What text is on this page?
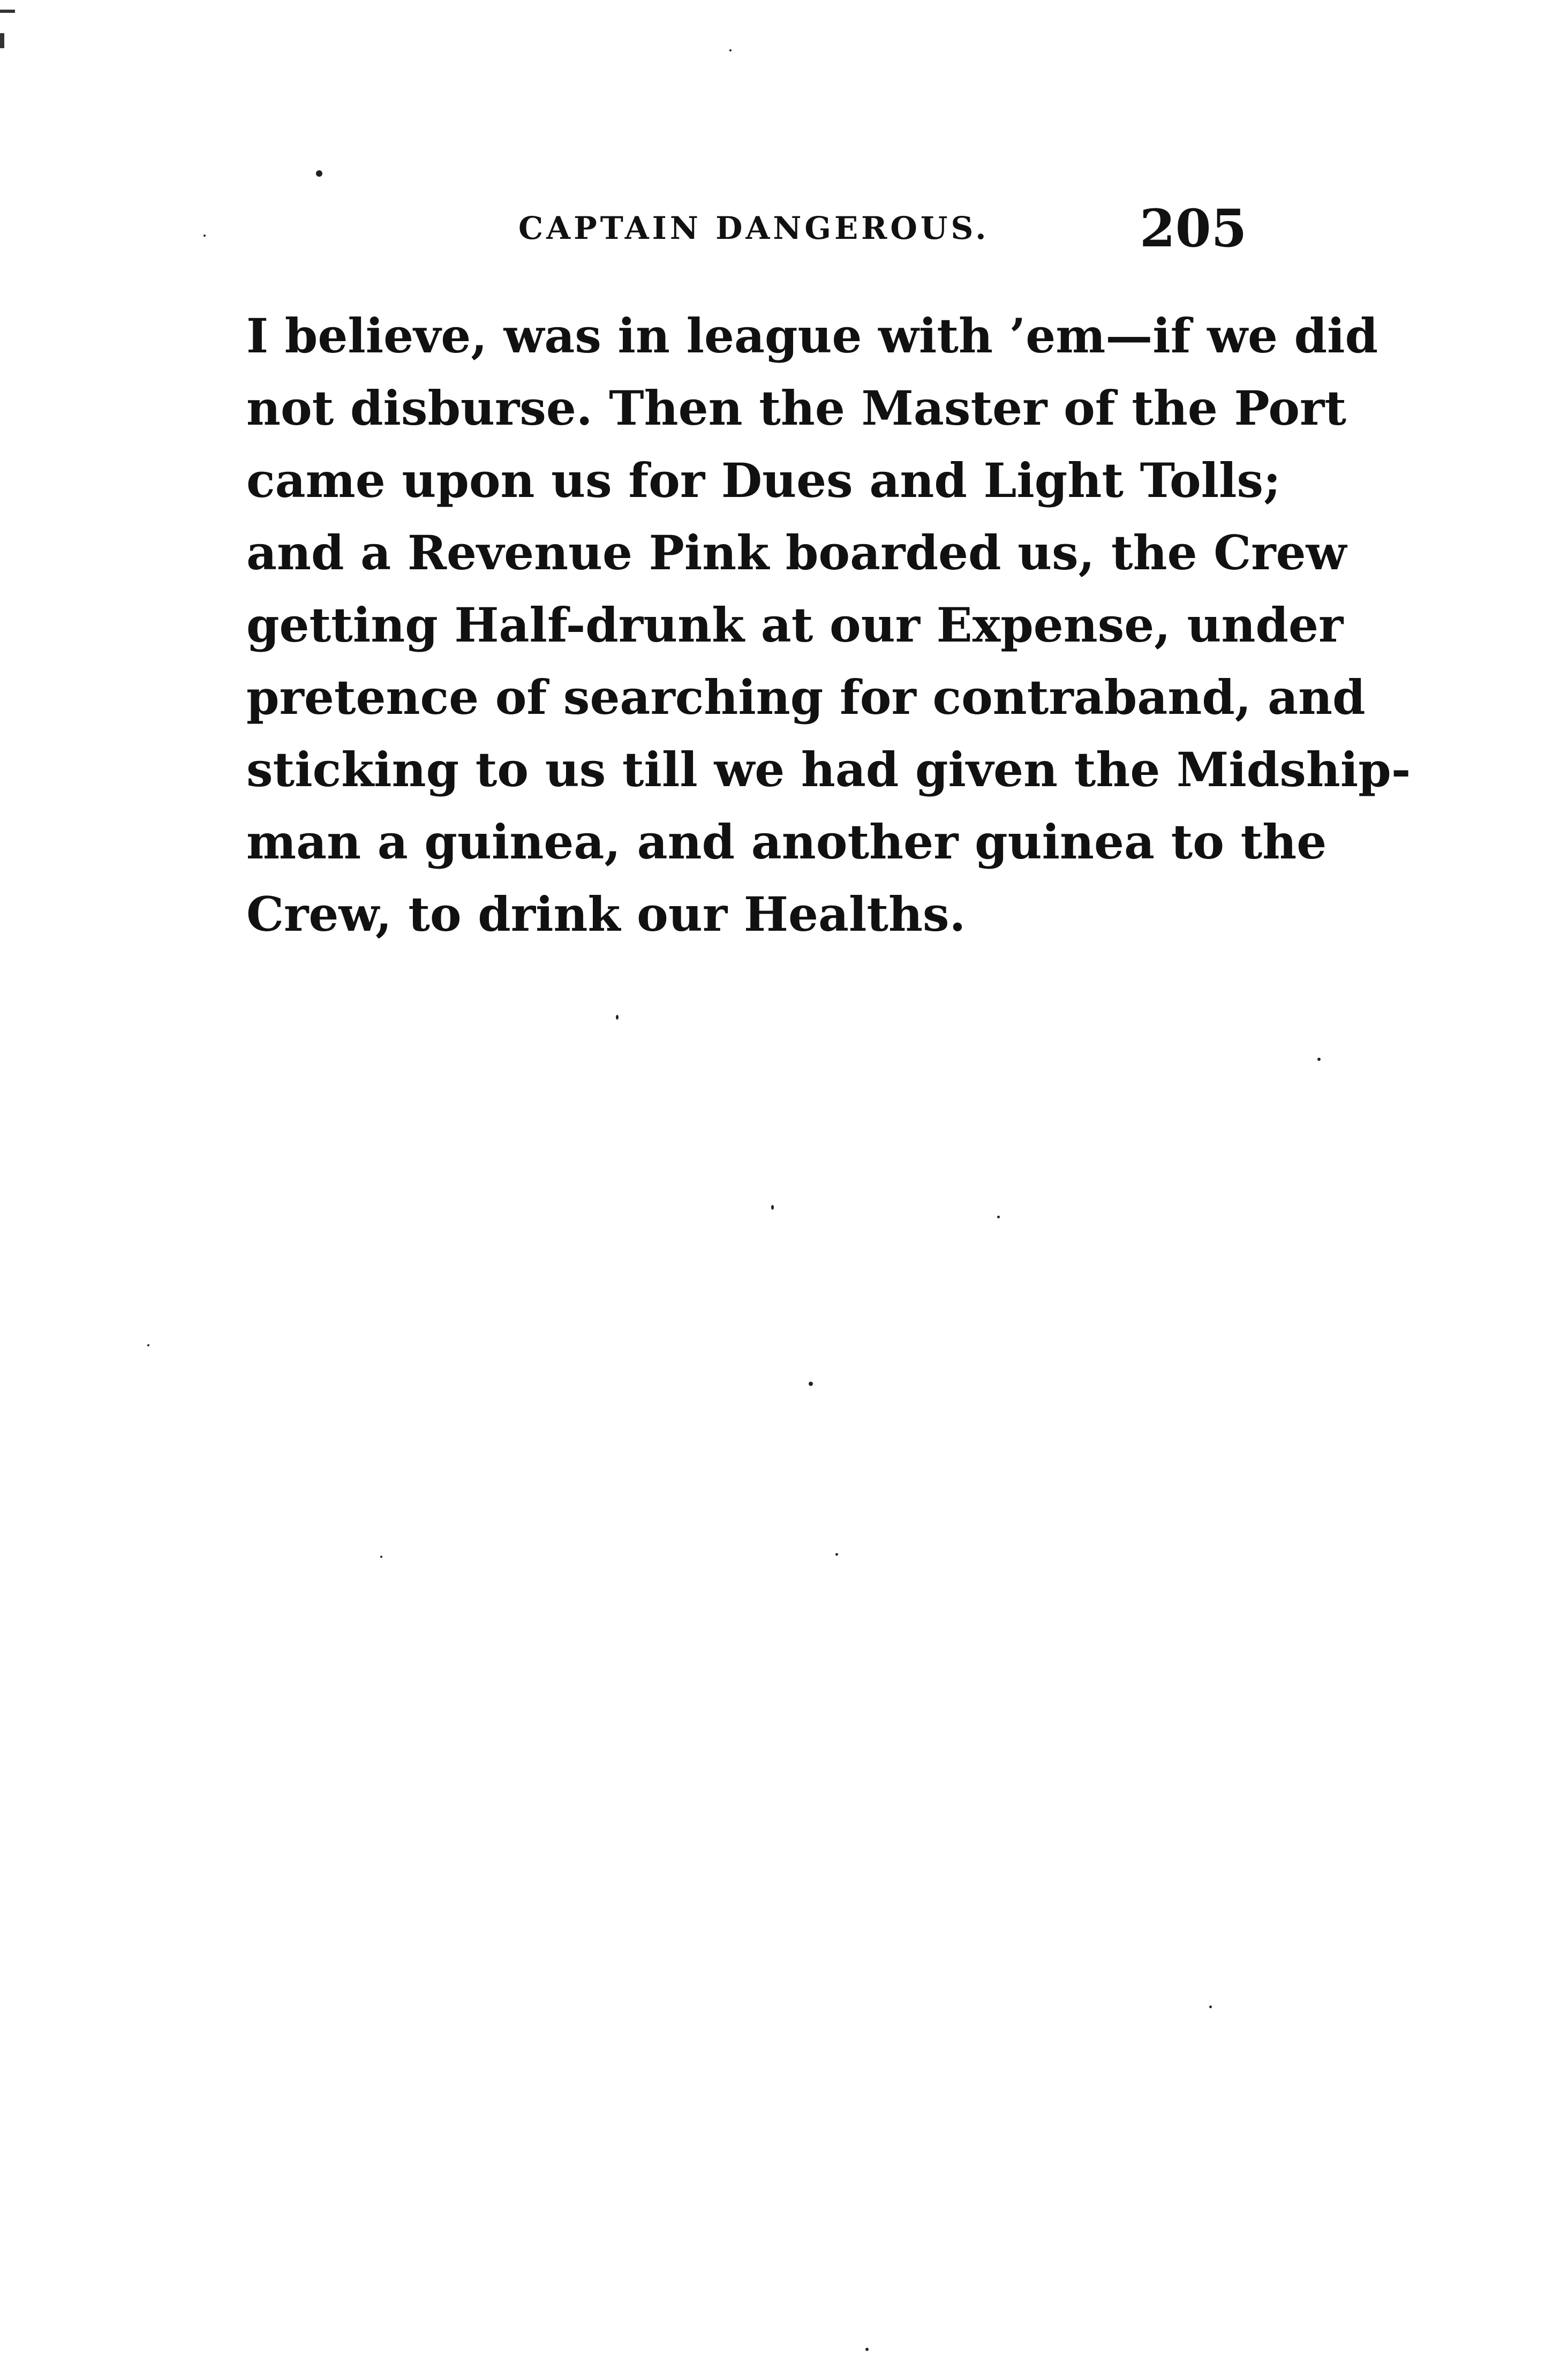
CAPTAIN DANGEROUS.	205
I believe, was in league with ’em—if we did
not disburse. Then the Master of the Port
came upon us for Dues and Light Tolls;
and a Revenue Pink boarded us, the Crew
getting Half-drunk at our Expense, under
pretence of searching for contraband, and
sticking to us till we had given the Midship-
man a guinea, and another guinea to the
Crew, to drink our Healths.
